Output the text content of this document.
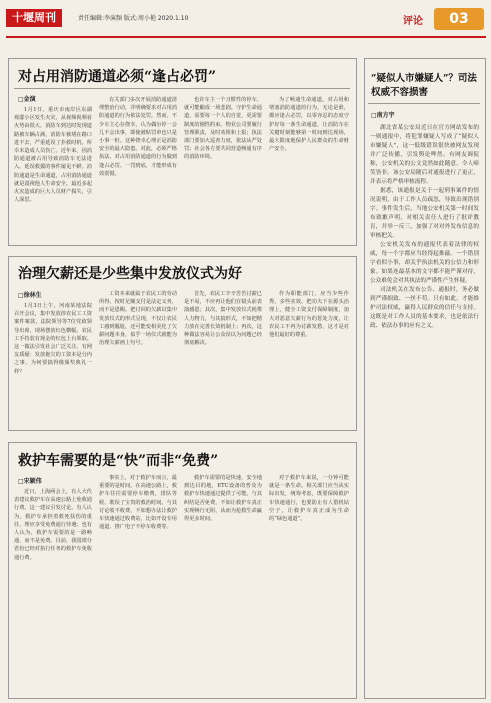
十堰周刊	责任编辑:李演频 版式:周小艳 2020.1.10	评论	03
对占用消防通道必须“逢占必罚”
□金演

1月1日，重庆市南岸区东湖观邸小区发生火灾，从视频视频看火势由很大，消防车到达时发现道路被车辆占满，消防车被堵在路口进不去，严重延误了扑救时机。所幸未造成人员伤亡。近年来，因消防通道被占用导致消防车无法进入、延误救援的事件屡见不鲜。消防通道是生命通道，占用消防通道就是漠视他人生命安全。最近多起火灾造成的巨大人员财产损失，引人深思。

有关部门多次开展消防通道清理整治行动，并明确要求对占用消防通道的行为依法处罚。然而，不少车主心存侥幸，认为偶尔停一会儿不会出事，即使被贴罚单也只是小事一桩。这种侥幸心理正是消防安全的最大隐患。对此，必须严格执法，对占用消防通道的行为做到逢占必罚、一罚到底，才能形成有效震慑。

也许车主一个习惯性的停车，就可能酿成一场悲剧。守护生命通道，需要每一个人的自觉，更需要制度的刚性约束。物业公司要履行管理职责，及时劝阻和上报；执法部门要加大巡查力度，依法从严处罚；社会各方要共同营造畅通有序的消防环境。

为了畅通生命通道，对占用和堵塞消防通道的行为，无论是谁，都应逢占必罚，以零容忍的态度守护好每一条生命通道，让消防车在关键时刻能够第一时间到达现场，最大限度地保护人民群众的生命财产安全。

治理欠薪还是少些集中发放仪式为好
□徐林生

1月3日上午，河南某地法院召开会议，集中发放涉农民工工资案件案款，法院领导等7位党政领导出席，现场摆放红色横幅，农民工手持装有现金的红包上台领取。这一做法引发社会广泛关注。有网友质疑：发放拖欠的工资本是分内之事，为何要搞得像颁奖典礼一样？

工资本来就属于农民工的劳动所得，按时足额支付是法定义务，而不是恩赐。把讨回的欠薪以集中发放仪式的形式呈现，不仅让农民工感到尴尬，还可能变相美化了欠薪问题本身，似乎一场仪式就能为治理欠薪画上句号。

首先，农民工辛辛苦苦讨薪已是不易，不应再让他们在镜头前表演感恩；其次，集中发放仪式耗费人力物力，与其搞形式，不如把精力放在完善长效机制上；再次，这种做法容易让公众误以为问题已经彻底解决。

作为职能部门，应当少些作秀，多些实效。把功夫下在源头治理上，健全工资支付保障制度，加大对恶意欠薪行为的惩处力度，让农民工不再为讨薪发愁，这才是对他们最好的尊重。

救护车需要的是“快”而非“免费”
□宋颖伟

近日，上海两会上，有人大代表建议救护车在高速公路上免收通行费。这一建议引发讨论。有人认为，救护车承担着救死扶伤的重任，理应享受免费通行待遇；也有人认为，救护车需要的是一路畅通，而不是免费。目前，我国部分省份已经对执行任务的救护车免收通行费。

事实上，对于救护车而言，最重要的是时间。在高速公路上，救护车往往需要停车缴费，排队等候，耽误了宝贵的救治时间。与其讨论收不收费，不如想办法让救护车快速通过收费站，比如开设专用通道、推广电子不停车收费等。

救护车需要的是快速、安全地到达目的地，ETC设备的普及为救护车快速通过提供了可能。与其纠结是否免费，不如让救护车真正实现畅行无阻，从而为抢救生命赢得更多时间。

对于救护车来说，一分钟可能就是一条生命。相关部门应当从实际出发，统筹考虑，既要保障救护车快速通行，也要防止有人借机钻空子，让救护车真正成为生命的“绿色通道”。

“疑似人市嫌疑人”？司法权威不容损害
□南方宇

湖北省某公安局近日在官方网站发布的一则通报中，将犯罪嫌疑人写成了“疑似人市嫌疑人”，这一低级错误很快被网友发现并广泛传播，引发舆论哗然。有网友调侃称，公安机关的公文竟然如此随意，令人啼笑皆非。该公安局随后对通报进行了更正，并表示将严格审核流程。

据悉，该通报是关于一起刑事案件的情况说明，由于工作人员疏忽，导致出现错别字。事件发生后，当地公安机关第一时间发布致歉声明，对相关责任人进行了批评教育，并举一反三，加强了对对外发布信息的审核把关。

公安机关发布的通报代表着法律的权威，每一个字都应当经得起推敲。一个错别字看似小事，却关乎执法机关的公信力和形象。如果连最基本的文字都不能严谨对待，公众难免会对其执法的严谨性产生怀疑。

司法机关在发布公告、通报时，务必做到严谨细致、一丝不苟。只有如此，才能维护司法权威，赢得人民群众的信任与支持。这既是对工作人员的基本要求，也是依法行政、依法办事的应有之义。
